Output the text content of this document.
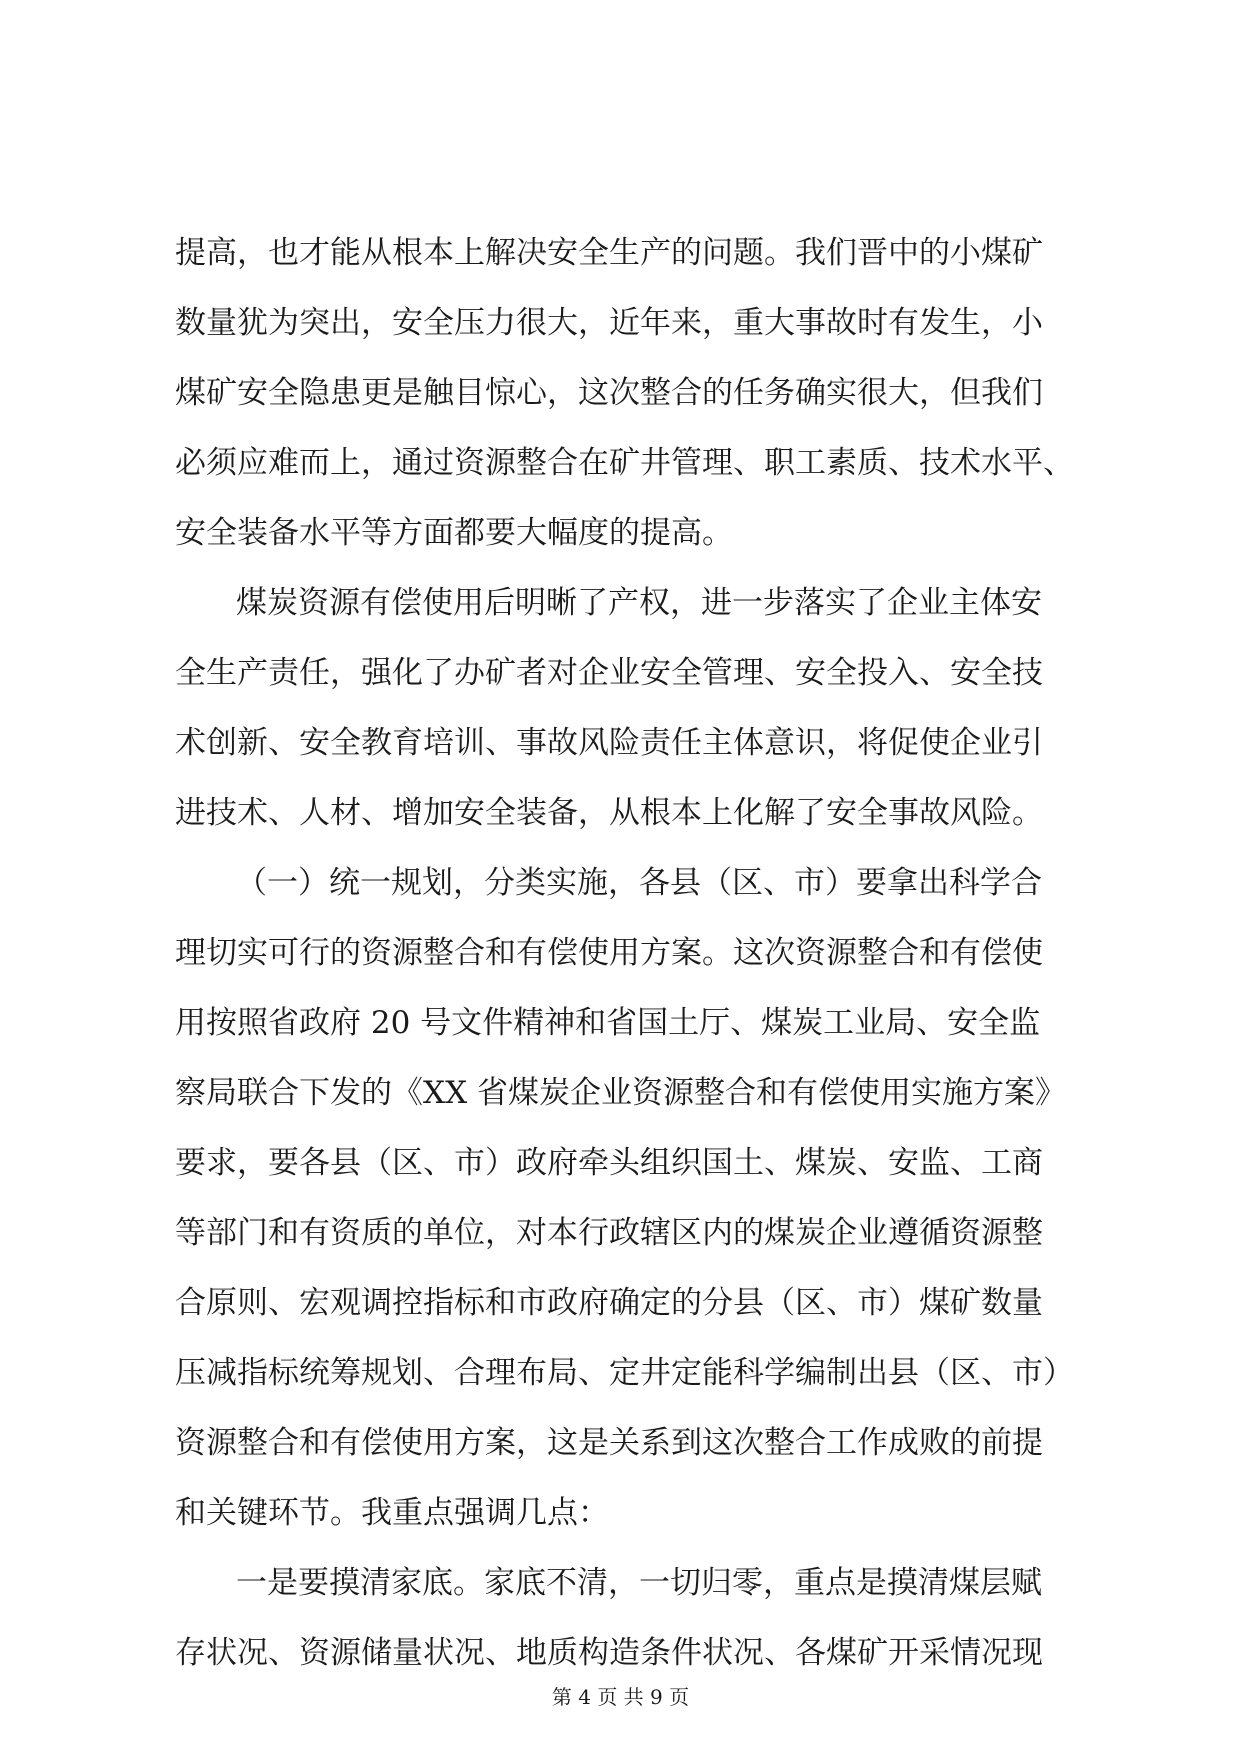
提高，也才能从根本上解决安全生产的问题。我们晋中的小煤矿
数量犹为突出，安全压力很大，近年来，重大事故时有发生，小
煤矿安全隐患更是触目惊心，这次整合的任务确实很大，但我们
必须应难而上，通过资源整合在矿井管理、职工素质、技术水平、
安全装备水平等方面都要大幅度的提高。
煤炭资源有偿使用后明晰了产权，进一步落实了企业主体安
全生产责任，强化了办矿者对企业安全管理、安全投入、安全技
术创新、安全教育培训、事故风险责任主体意识，将促使企业引
进技术、人材、增加安全装备，从根本上化解了安全事故风险。
（一）统一规划，分类实施，各县（区、市）要拿出科学合
理切实可行的资源整合和有偿使用方案。这次资源整合和有偿使
用按照省政府 20 号文件精神和省国土厅、煤炭工业局、安全监
察局联合下发的《XX 省煤炭企业资源整合和有偿使用实施方案》
要求，要各县（区、市）政府牵头组织国土、煤炭、安监、工商
等部门和有资质的单位，对本行政辖区内的煤炭企业遵循资源整
合原则、宏观调控指标和市政府确定的分县（区、市）煤矿数量
压减指标统筹规划、合理布局、定井定能科学编制出县（区、市）
资源整合和有偿使用方案，这是关系到这次整合工作成败的前提
和关键环节。我重点强调几点：
一是要摸清家底。家底不清，一切归零，重点是摸清煤层赋
存状况、资源储量状况、地质构造条件状况、各煤矿开采情况现
第 4 页 共 9 页
